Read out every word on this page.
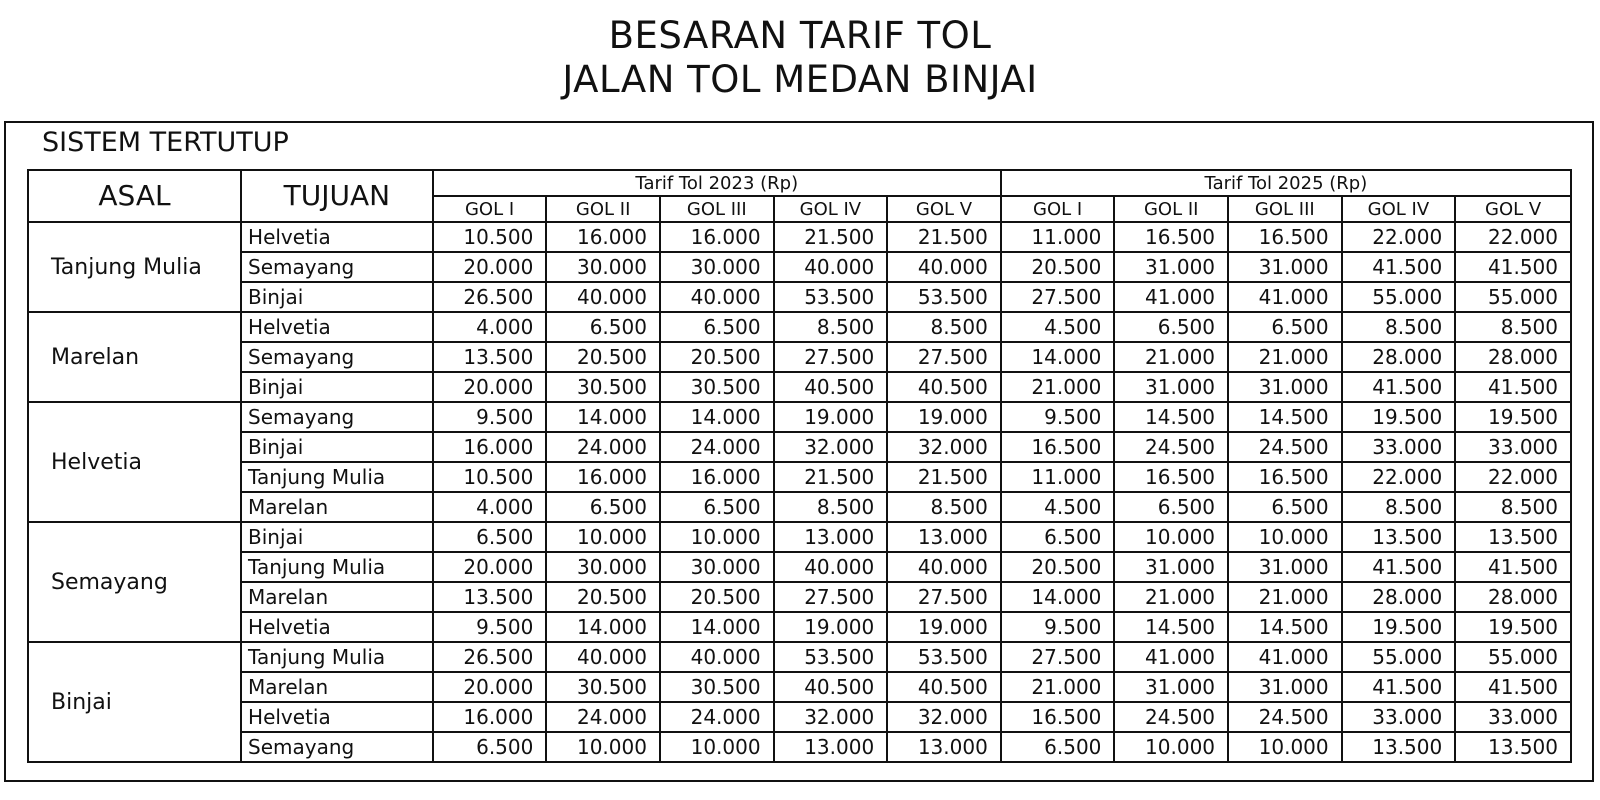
BESARAN TARIF TOL
JALAN TOL MEDAN BINJAI
SISTEM TERTUTUP
ASAL	TUJUAN	Tarif Tol 2023 (Rp)					Tarif Tol 2025 (Rp)				
		GOL I	GOL II	GOL III	GOL IV	GOL V	GOL I	GOL II	GOL III	GOL IV	GOL V
Tanjung Mulia	Helvetia	10.500	16.000	16.000	21.500	21.500	11.000	16.500	16.500	22.000	22.000
	Semayang	20.000	30.000	30.000	40.000	40.000	20.500	31.000	31.000	41.500	41.500
	Binjai	26.500	40.000	40.000	53.500	53.500	27.500	41.000	41.000	55.000	55.000
Marelan	Helvetia	4.000	6.500	6.500	8.500	8.500	4.500	6.500	6.500	8.500	8.500
	Semayang	13.500	20.500	20.500	27.500	27.500	14.000	21.000	21.000	28.000	28.000
	Binjai	20.000	30.500	30.500	40.500	40.500	21.000	31.000	31.000	41.500	41.500
Helvetia	Semayang	9.500	14.000	14.000	19.000	19.000	9.500	14.500	14.500	19.500	19.500
	Binjai	16.000	24.000	24.000	32.000	32.000	16.500	24.500	24.500	33.000	33.000
	Tanjung Mulia	10.500	16.000	16.000	21.500	21.500	11.000	16.500	16.500	22.000	22.000
	Marelan	4.000	6.500	6.500	8.500	8.500	4.500	6.500	6.500	8.500	8.500
Semayang	Binjai	6.500	10.000	10.000	13.000	13.000	6.500	10.000	10.000	13.500	13.500
	Tanjung Mulia	20.000	30.000	30.000	40.000	40.000	20.500	31.000	31.000	41.500	41.500
	Marelan	13.500	20.500	20.500	27.500	27.500	14.000	21.000	21.000	28.000	28.000
	Helvetia	9.500	14.000	14.000	19.000	19.000	9.500	14.500	14.500	19.500	19.500
Binjai	Tanjung Mulia	26.500	40.000	40.000	53.500	53.500	27.500	41.000	41.000	55.000	55.000
	Marelan	20.000	30.500	30.500	40.500	40.500	21.000	31.000	31.000	41.500	41.500
	Helvetia	16.000	24.000	24.000	32.000	32.000	16.500	24.500	24.500	33.000	33.000
	Semayang	6.500	10.000	10.000	13.000	13.000	6.500	10.000	10.000	13.500	13.500
